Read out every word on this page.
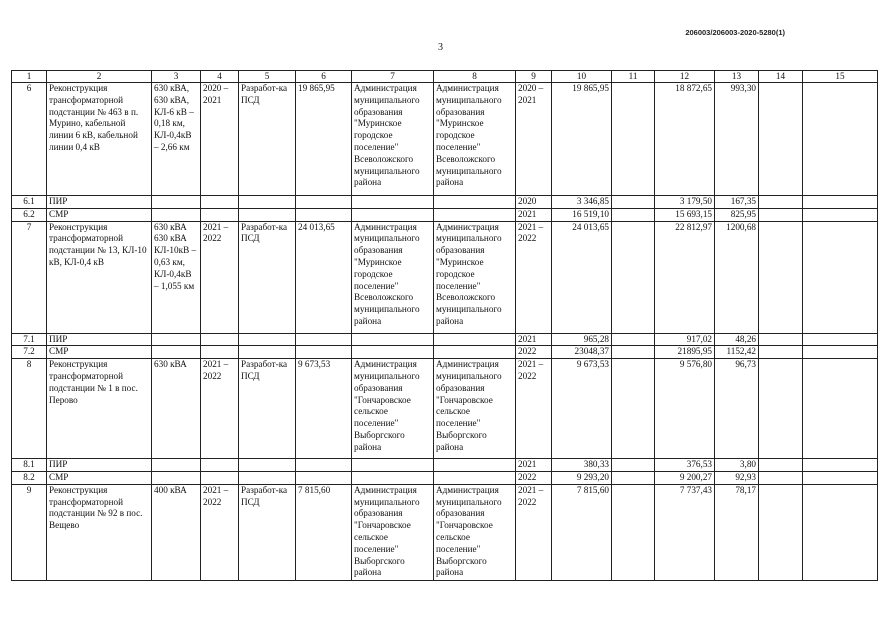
206003/206003-2020-5280(1)
3
1	2	3	4	5	6	7	8	9	10	11	12	13	14	15
6	Реконструкция трансформаторной подстанции № 463 в п. Мурино, кабельной линии 6 кВ, кабельной линии 0,4 кВ	630 кВА, 630 кВА, КЛ-6 кВ – 0,18 км, КЛ-0,4кВ – 2,66 км	2020 – 2021	Разработ-ка ПСД	19 865,95	Администрация муниципального образования "Муринское городское поселение" Всеволожского муниципального района	Администрация муниципального образования "Муринское городское поселение" Всеволожского муниципального района	2020 – 2021	19 865,95		18 872,65	993,30		
6.1	ПИР							2020	3 346,85		3 179,50	167,35		
6.2	СМР							2021	16 519,10		15 693,15	825,95		
7	Реконструкция трансформаторной подстанции № 13, КЛ-10 кВ, КЛ-0,4 кВ	630 кВА 630 кВА КЛ-10кВ – 0,63 км, КЛ-0,4кВ – 1,055 км	2021 – 2022	Разработ-ка ПСД	24 013,65	Администрация муниципального образования "Муринское городское поселение" Всеволожского муниципального района	Администрация муниципального образования "Муринское городское поселение" Всеволожского муниципального района	2021 – 2022	24 013,65		22 812,97	1200,68		
7.1	ПИР							2021	965,28		917,02	48,26		
7.2	СМР							2022	23048,37		21895,95	1152,42		
8	Реконструкция трансформаторной подстанции № 1 в пос. Перово	630 кВА	2021 – 2022	Разработ-ка ПСД	9 673,53	Администрация муниципального образования "Гончаровское сельское поселение" Выборгского района	Администрация муниципального образования "Гончаровское сельское поселение" Выборгского района	2021 – 2022	9 673,53		9 576,80	96,73		
8.1	ПИР							2021	380,33		376,53	3,80		
8.2	СМР							2022	9 293,20		9 200,27	92,93		
9	Реконструкция трансформаторной подстанции № 92 в пос. Вещево	400 кВА	2021 – 2022	Разработ-ка ПСД	7 815,60	Администрация муниципального образования "Гончаровское сельское поселение" Выборгского района	Администрация муниципального образования "Гончаровское сельское поселение" Выборгского района	2021 – 2022	7 815,60		7 737,43	78,17		
